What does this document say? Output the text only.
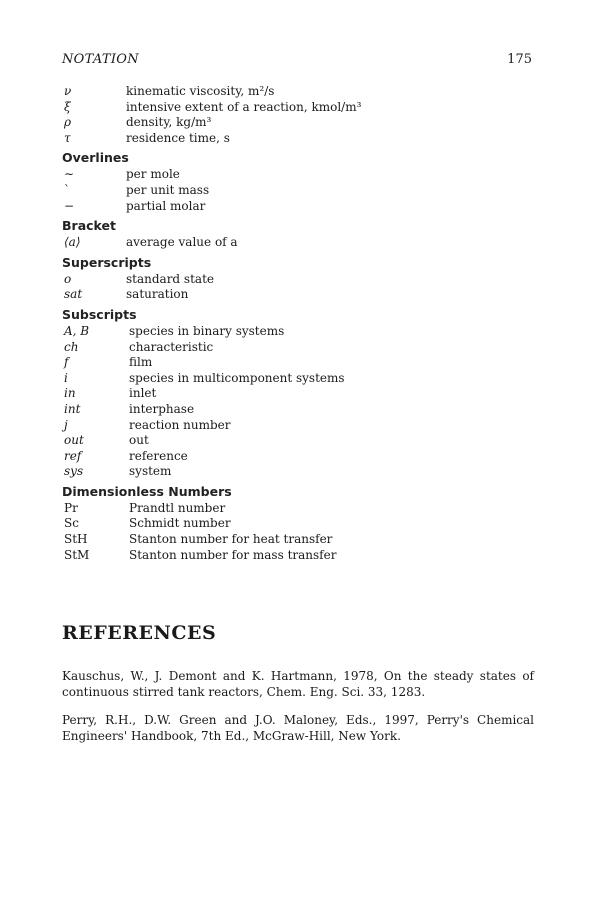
NOTATION	175
ν	kinematic viscosity, m²/s
ξ	intensive extent of a reaction, kmol/m³
ρ	density, kg/m³
τ	residence time, s
Overlines
∼	per mole
ˋ	per unit mass
−	partial molar
Bracket
⟨a⟩	average value of a
Superscripts
o	standard state
sat	saturation
Subscripts
A, B	species in binary systems
ch	characteristic
f	film
i	species in multicomponent systems
in	inlet
int	interphase
j	reaction number
out	out
ref	reference
sys	system
Dimensionless Numbers
Pr	Prandtl number
Sc	Schmidt number
StH	Stanton number for heat transfer
StM	Stanton number for mass transfer
REFERENCES
Kauschus, W., J. Demont and K. Hartmann, 1978, On the steady states of continuous stirred tank reactors, Chem. Eng. Sci. 33, 1283.
Perry, R.H., D.W. Green and J.O. Maloney, Eds., 1997, Perry's Chemical Engineers' Handbook, 7th Ed., McGraw-Hill, New York.
